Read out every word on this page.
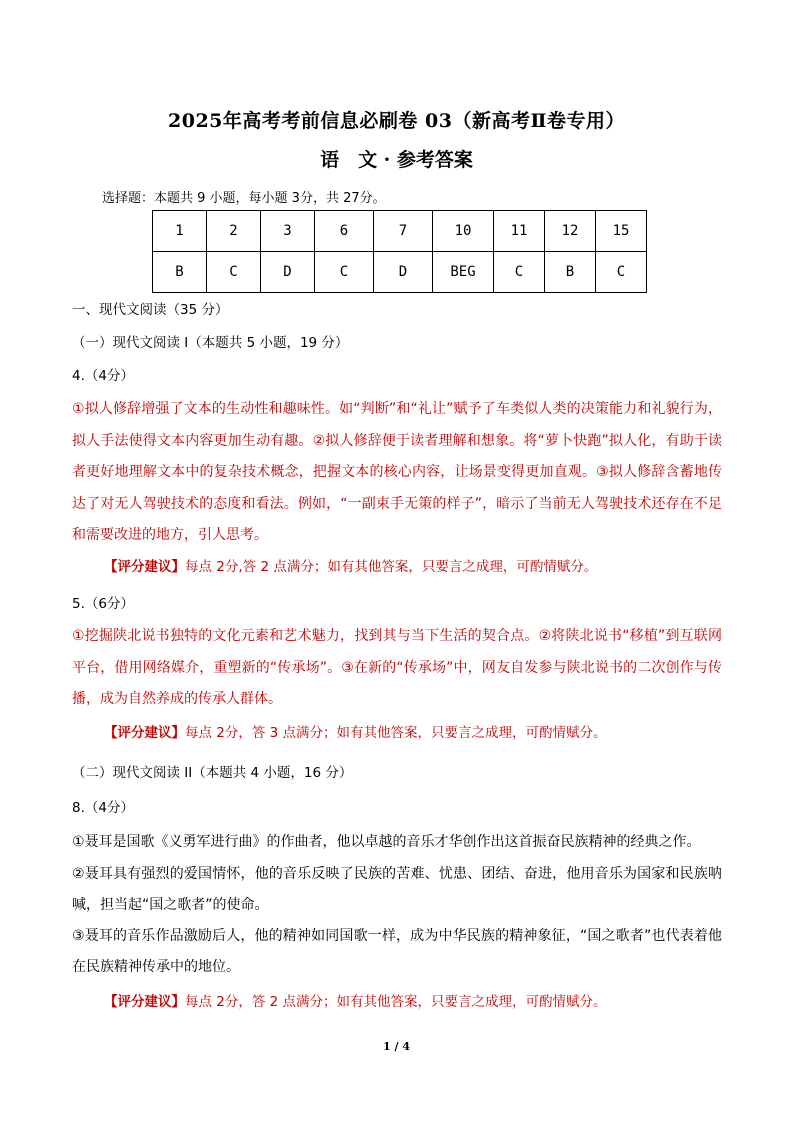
2025年高考考前信息必刷卷 03（新高考Ⅱ卷专用）
语　文 · 参考答案
选择题：本题共 9 小题，每小题 3分，共 27分。
1	2	3	6	7	10	11	12	15
B	C	D	C	D	BEG	C	B	C
一、现代文阅读（35 分）
（一）现代文阅读 I（本题共 5 小题，19 分）
4.（4分）
①拟人修辞增强了文本的生动性和趣味性。如“判断”和“礼让”赋予了车类似人类的决策能力和礼貌行为，拟人手法使得文本内容更加生动有趣。②拟人修辞便于读者理解和想象。将“萝卜快跑”拟人化，有助于读者更好地理解文本中的复杂技术概念，把握文本的核心内容，让场景变得更加直观。③拟人修辞含蓄地传达了对无人驾驶技术的态度和看法。例如，“一副束手无策的样子”，暗示了当前无人驾驶技术还存在不足和需要改进的地方，引人思考。
【评分建议】每点 2分,答 2 点满分；如有其他答案，只要言之成理，可酌情赋分。
5.（6分）
①挖掘陕北说书独特的文化元素和艺术魅力，找到其与当下生活的契合点。②将陕北说书“移植”到互联网平台，借用网络媒介，重塑新的“传承场”。③在新的“传承场”中，网友自发参与陕北说书的二次创作与传播，成为自然养成的传承人群体。
【评分建议】每点 2分，答 3 点满分；如有其他答案，只要言之成理，可酌情赋分。
（二）现代文阅读 II（本题共 4 小题，16 分）
8.（4分）
①聂耳是国歌《义勇军进行曲》的作曲者，他以卓越的音乐才华创作出这首振奋民族精神的经典之作。
②聂耳具有强烈的爱国情怀，他的音乐反映了民族的苦难、忧患、团结、奋进，他用音乐为国家和民族呐喊，担当起“国之歌者”的使命。
③聂耳的音乐作品激励后人，他的精神如同国歌一样，成为中华民族的精神象征，“国之歌者”也代表着他在民族精神传承中的地位。
【评分建议】每点 2分，答 2 点满分；如有其他答案，只要言之成理，可酌情赋分。
1 / 4
